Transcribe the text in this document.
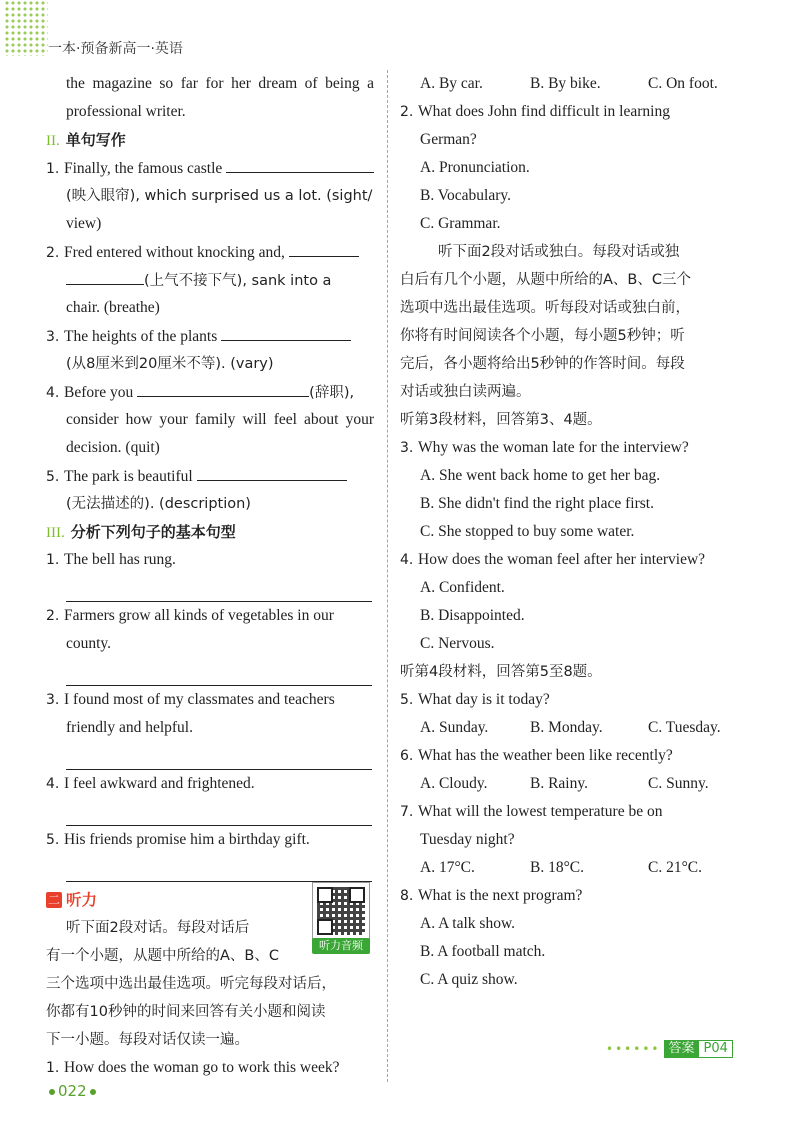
一本·预备新高一·英语
the magazine so far for her dream of being a
professional writer.
II. 单句写作
1. Finally, the famous castle
(映入眼帘), which surprised us a lot. (sight/
view)
2. Fred entered without knocking and,
(上气不接下气), sank into a
chair. (breathe)
3. The heights of the plants
(从8厘米到20厘米不等). (vary)
4. Before you	(辞职),
consider how your family will feel about your
decision. (quit)
5. The park is beautiful
(无法描述的). (description)
III. 分析下列句子的基本句型
1. The bell has rung.
2. Farmers grow all kinds of vegetables in our
county.
3. I found most of my classmates and teachers
friendly and helpful.
4. I feel awkward and frightened.
5. His friends promise him a birthday gift.
二 听力
听下面2段对话。每段对话后
有一个小题，从题中所给的A、B、C
三个选项中选出最佳选项。听完每段对话后，
你都有10秒钟的时间来回答有关小题和阅读
下一小题。每段对话仅读一遍。
1. How does the woman go to work this week?
听力音频
A. By car.	B. By bike.	C. On foot.
2. What does John find difficult in learning
German?
A. Pronunciation.
B. Vocabulary.
C. Grammar.
听下面2段对话或独白。每段对话或独
白后有几个小题，从题中所给的A、B、C三个
选项中选出最佳选项。听每段对话或独白前，
你将有时间阅读各个小题，每小题5秒钟；听
完后，各小题将给出5秒钟的作答时间。每段
对话或独白读两遍。
听第3段材料，回答第3、4题。
3. Why was the woman late for the interview?
A. She went back home to get her bag.
B. She didn't find the right place first.
C. She stopped to buy some water.
4. How does the woman feel after her interview?
A. Confident.
B. Disappointed.
C. Nervous.
听第4段材料，回答第5至8题。
5. What day is it today?
A. Sunday.	B. Monday.	C. Tuesday.
6. What has the weather been like recently?
A. Cloudy.	B. Rainy.	C. Sunny.
7. What will the lowest temperature be on
Tuesday night?
A. 17°C.	B. 18°C.	C. 21°C.
8. What is the next program?
A. A talk show.
B. A football match.
C. A quiz show.
•••••• 答案 P04
022
